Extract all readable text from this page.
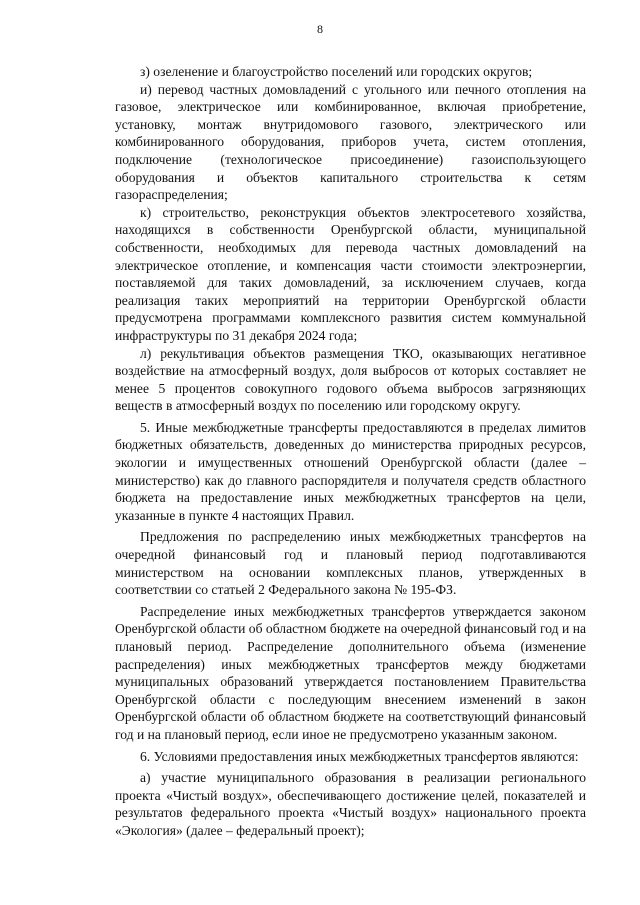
8

з) озеленение и благоустройство поселений или городских округов;

и) перевод частных домовладений с угольного или печного отопления на газовое, электрическое или комбинированное, включая приобретение, установку, монтаж внутридомового газового, электрического или комбинированного оборудования, приборов учета, систем отопления, подключение (технологическое присоединение) газоиспользующего оборудования и объектов капитального строительства к сетям газораспределения;

к) строительство, реконструкция объектов электросетевого хозяйства, находящихся в собственности Оренбургской области, муниципальной собственности, необходимых для перевода частных домовладений на электрическое отопление, и компенсация части стоимости электроэнергии, поставляемой для таких домовладений, за исключением случаев, когда реализация таких мероприятий на территории Оренбургской области предусмотрена программами комплексного развития систем коммунальной инфраструктуры по 31 декабря 2024 года;

л) рекультивация объектов размещения ТКО, оказывающих негативное воздействие на атмосферный воздух, доля выбросов от которых составляет не менее 5 процентов совокупного годового объема выбросов загрязняющих веществ в атмосферный воздух по поселению или городскому округу.

5. Иные межбюджетные трансферты предоставляются в пределах лимитов бюджетных обязательств, доведенных до министерства природных ресурсов, экологии и имущественных отношений Оренбургской области (далее – министерство) как до главного распорядителя и получателя средств областного бюджета на предоставление иных межбюджетных трансфертов на цели, указанные в пункте 4 настоящих Правил.

Предложения по распределению иных межбюджетных трансфертов на очередной финансовый год и плановый период подготавливаются министерством на основании комплексных планов, утвержденных в соответствии со статьей 2 Федерального закона № 195-ФЗ.

Распределение иных межбюджетных трансфертов утверждается законом Оренбургской области об областном бюджете на очередной финансовый год и на плановый период. Распределение дополнительного объема (изменение распределения) иных межбюджетных трансфертов между бюджетами муниципальных образований утверждается постановлением Правительства Оренбургской области с последующим внесением изменений в закон Оренбургской области об областном бюджете на соответствующий финансовый год и на плановый период, если иное не предусмотрено указанным законом.

6. Условиями предоставления иных межбюджетных трансфертов являются:

а) участие муниципального образования в реализации регионального проекта «Чистый воздух», обеспечивающего достижение целей, показателей и результатов федерального проекта «Чистый воздух» национального проекта «Экология» (далее – федеральный проект);
